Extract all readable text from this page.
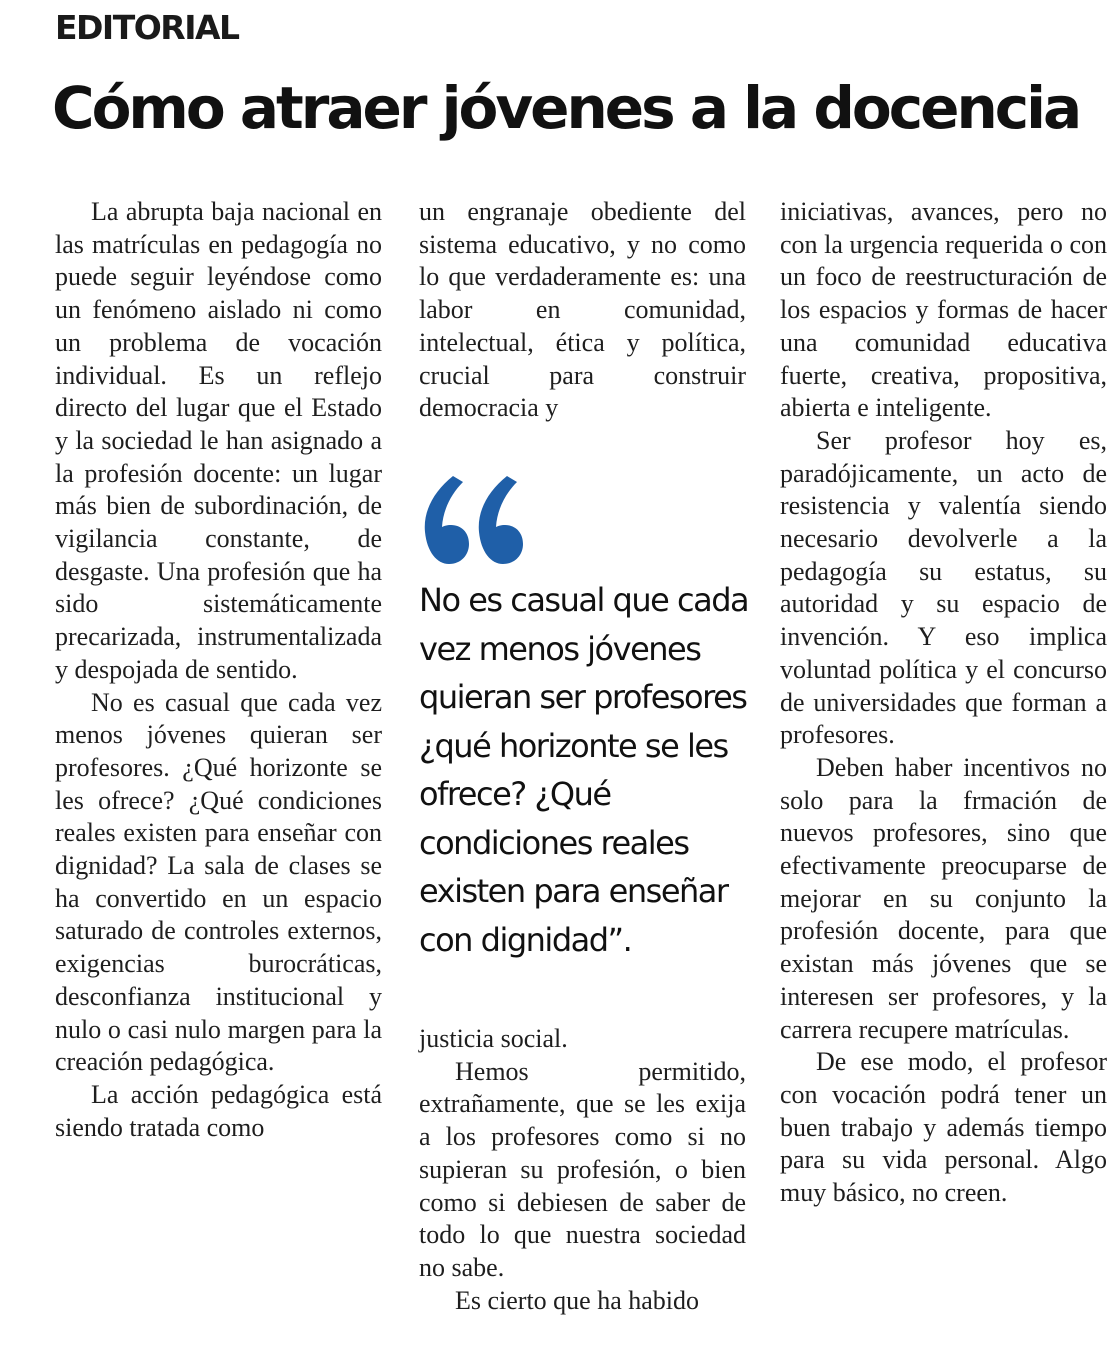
EDITORIAL
Cómo atraer jóvenes a la docencia

La abrupta baja nacional en las matrículas en pedagogía no puede seguir leyéndose como un fenómeno aislado ni como un problema de vocación individual. Es un reflejo directo del lugar que el Estado y la sociedad le han asignado a la profesión docente: un lugar más bien de subordinación, de vigilancia constante, de desgaste. Una profesión que ha sido sistemáticamente precarizada, instrumentalizada y despojada de sentido.

No es casual que cada vez menos jóvenes quieran ser profesores. ¿Qué horizonte se les ofrece? ¿Qué condiciones reales existen para enseñar con dignidad? La sala de clases se ha convertido en un espacio saturado de controles externos, exigencias burocráticas, desconfianza institucional y nulo o casi nulo margen para la creación pedagógica.

La acción pedagógica está siendo tratada como

un engranaje obediente del sistema educativo, y no como lo que verdaderamente es: una labor en comunidad, intelectual, ética y política, crucial para construir democracia y

No es casual que cada vez menos jóvenes quieran ser profesores ¿qué horizonte se les ofrece? ¿Qué condiciones reales existen para enseñar con dignidad”.

justicia social.

Hemos permitido, extrañamente, que se les exija a los profesores como si no supieran su profesión, o bien como si debiesen de saber de todo lo que nuestra sociedad no sabe.

Es cierto que ha habido

iniciativas, avances, pero no con la urgencia requerida o con un foco de reestructuración de los espacios y formas de hacer una comunidad educativa fuerte, creativa, propositiva, abierta e inteligente.

Ser profesor hoy es, paradójicamente, un acto de resistencia y valentía siendo necesario devolverle a la pedagogía su estatus, su autoridad y su espacio de invención. Y eso implica voluntad política y el concurso de universidades que forman a profesores.

Deben haber incentivos no solo para la frmación de nuevos profesores, sino que efectivamente preocuparse de mejorar en su conjunto la profesión docente, para que existan más jóvenes que se interesen ser profesores, y la carrera recupere matrículas.

De ese modo, el profesor con vocación podrá tener un buen trabajo y además tiempo para su vida personal. Algo muy básico, no creen.
